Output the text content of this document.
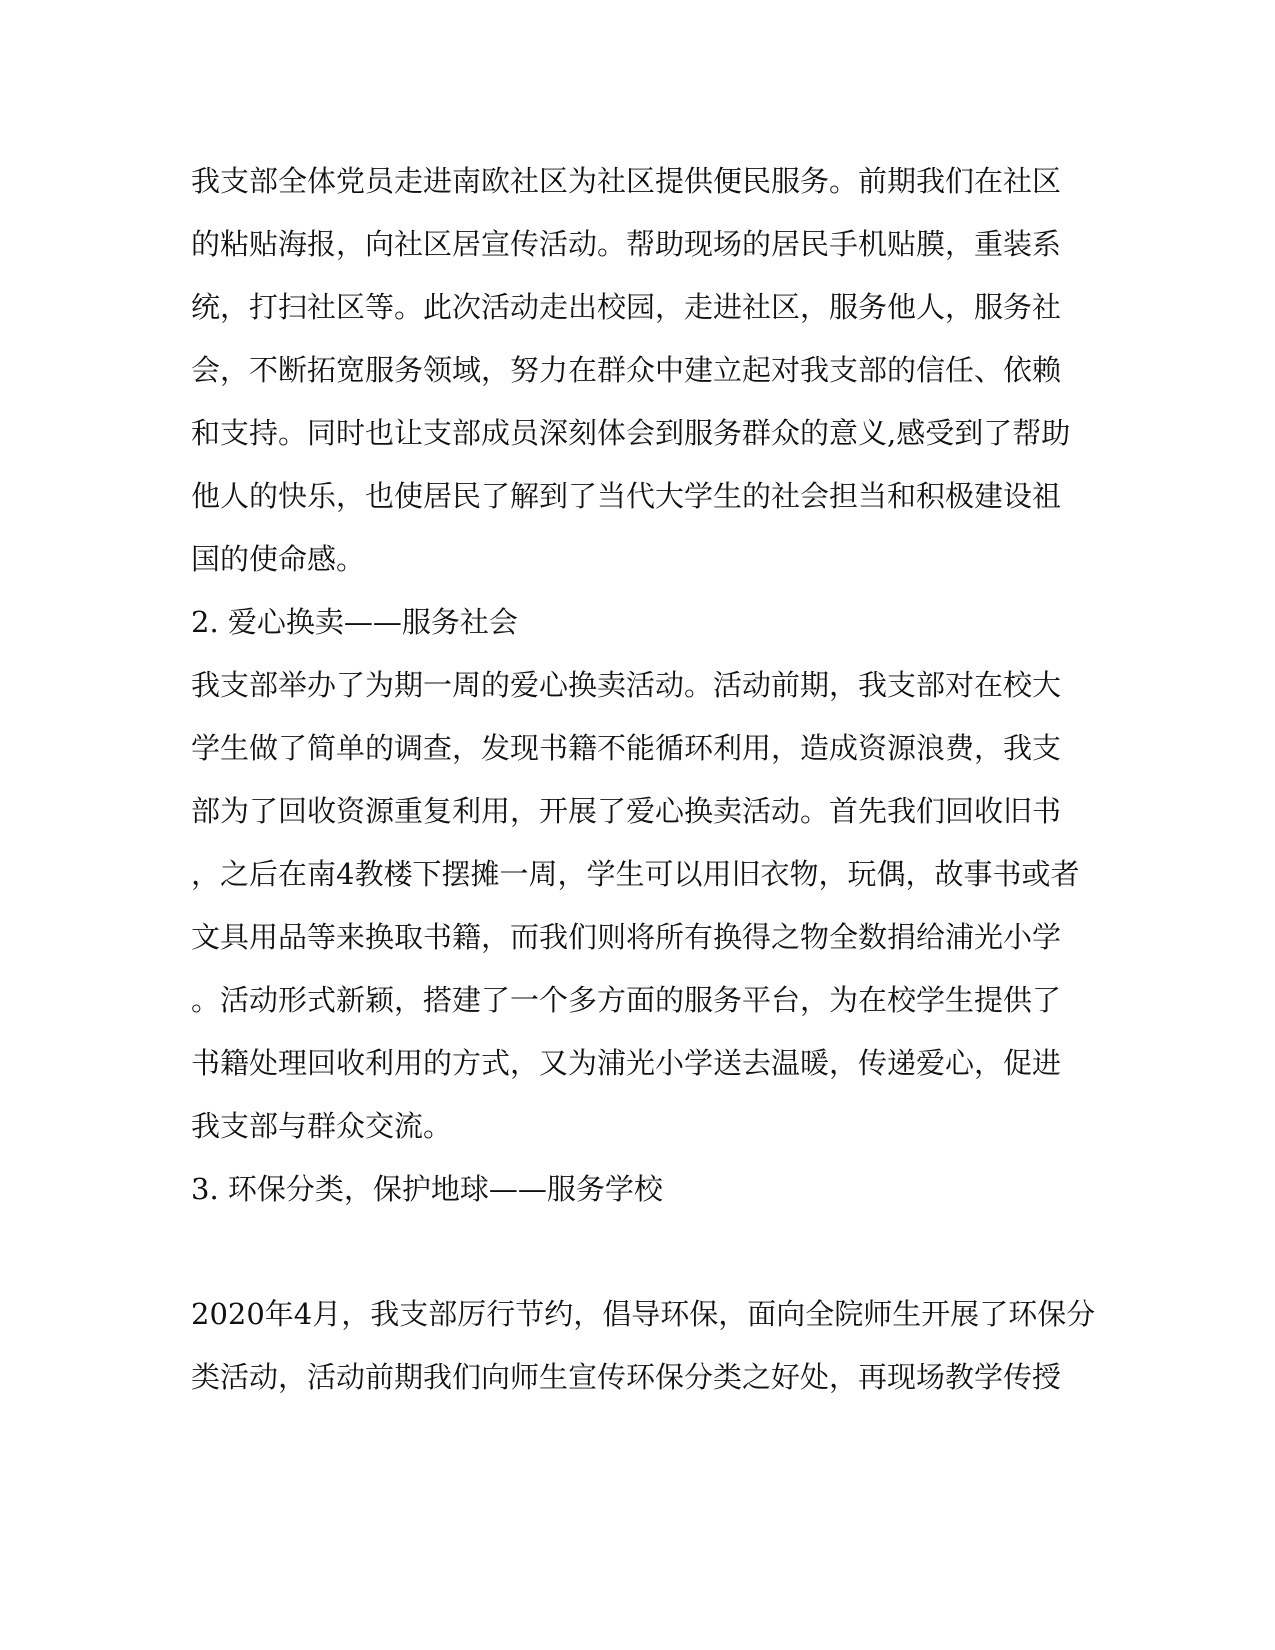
我支部全体党员走进南欧社区为社区提供便民服务。前期我们在社区

的粘贴海报，向社区居宣传活动。帮助现场的居民手机贴膜，重装系

统，打扫社区等。此次活动走出校园，走进社区，服务他人，服务社

会，不断拓宽服务领域，努力在群众中建立起对我支部的信任、依赖

和支持。同时也让支部成员深刻体会到服务群众的意义,感受到了帮助

他人的快乐，也使居民了解到了当代大学生的社会担当和积极建设祖

国的使命感。

2. 爱心换卖——服务社会

我支部举办了为期一周的爱心换卖活动。活动前期，我支部对在校大

学生做了简单的调查，发现书籍不能循环利用，造成资源浪费，我支

部为了回收资源重复利用，开展了爱心换卖活动。首先我们回收旧书

，之后在南4教楼下摆摊一周，学生可以用旧衣物，玩偶，故事书或者

文具用品等来换取书籍，而我们则将所有换得之物全数捐给浦光小学

。活动形式新颖，搭建了一个多方面的服务平台，为在校学生提供了

书籍处理回收利用的方式，又为浦光小学送去温暖，传递爱心，促进

我支部与群众交流。

3. 环保分类，保护地球——服务学校

2020年4月，我支部厉行节约，倡导环保，面向全院师生开展了环保分

类活动，活动前期我们向师生宣传环保分类之好处，再现场教学传授
